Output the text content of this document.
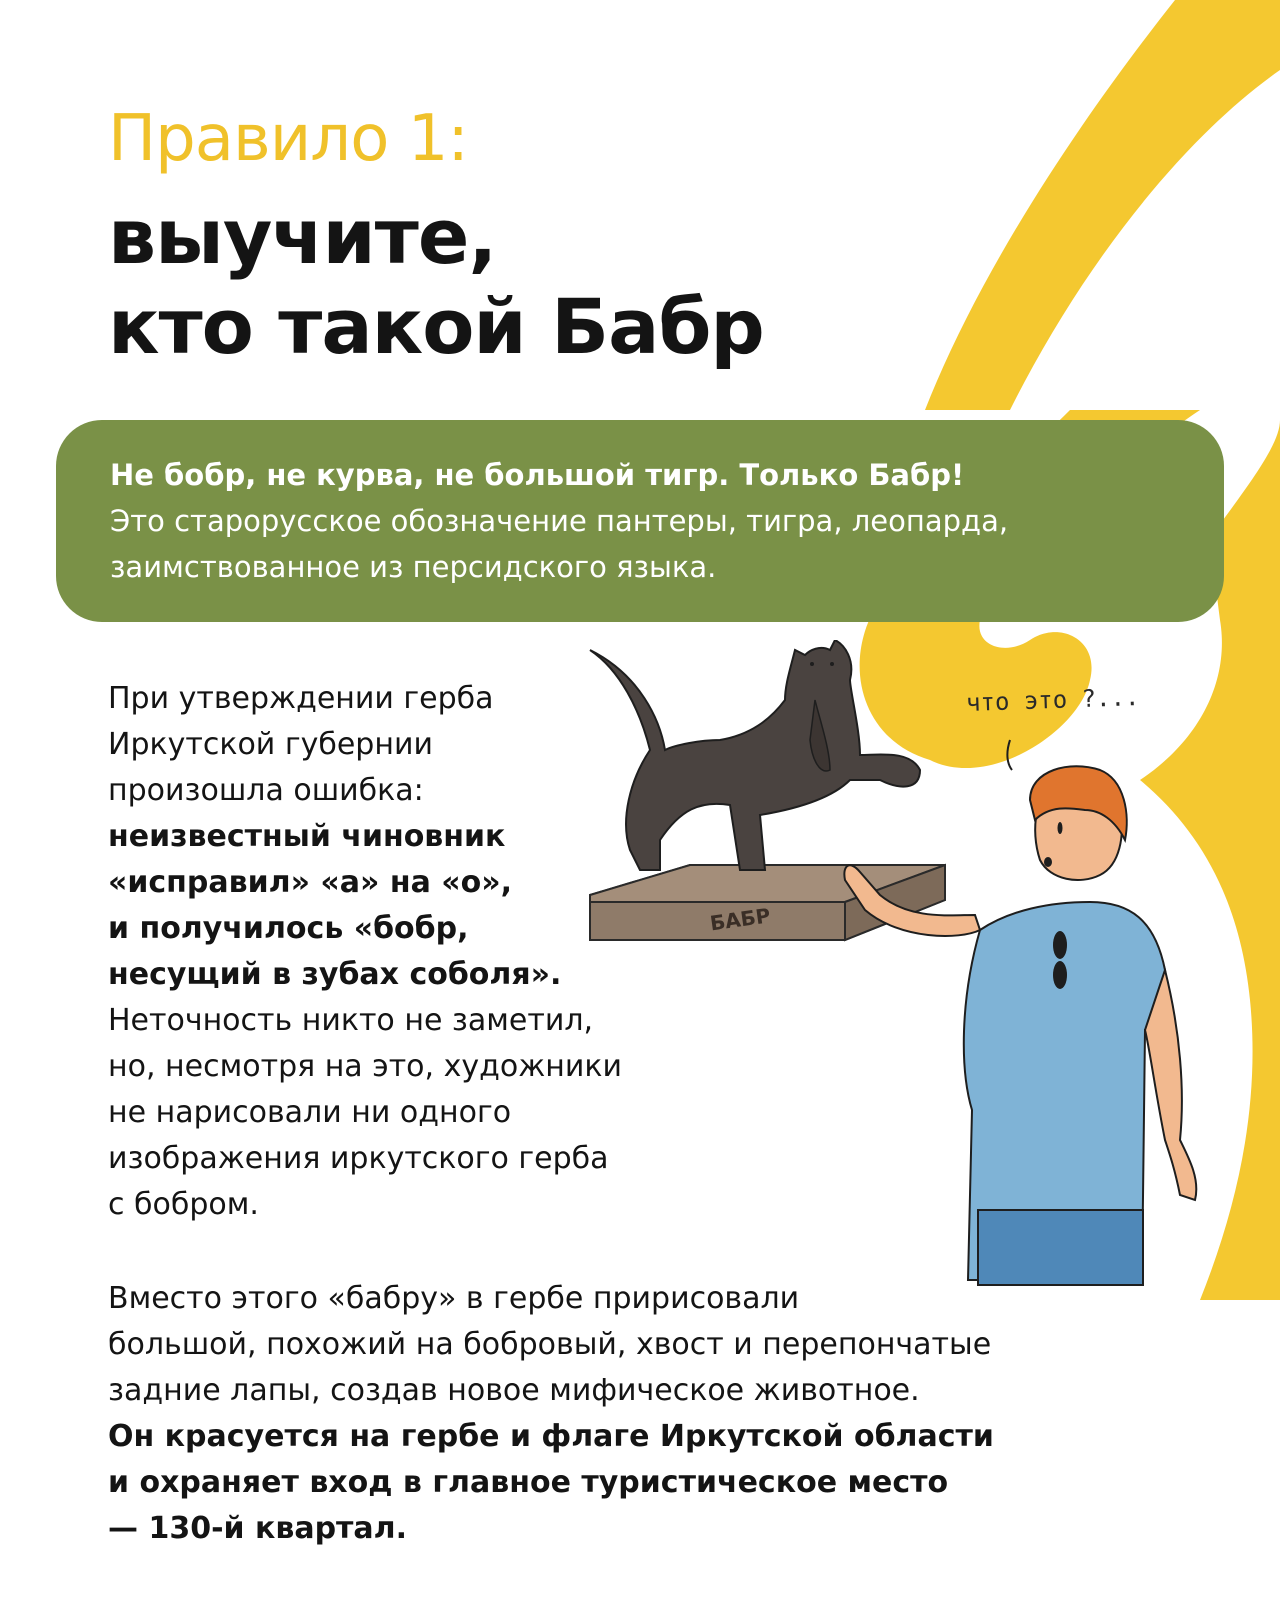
Правило 1:
выучите,
кто такой Бабр

Не бобр, не курва, не большой тигр. Только Бабр!

Это старорусское обозначение пантеры, тигра, леопарда,

заимствованное из персидского языка.

БАБР
что это ?...
При утверждении герба
Иркутской губернии
произошла ошибка:
неизвестный чиновник
«исправил» «а» на «о»,
и получилось «бобр,
несущий в зубах соболя».
Неточность никто не заметил,
но, несмотря на это, художники
не нарисовали ни одного
изображения иркутского герба
с бобром.
Вместо этого «бабру» в гербе пририсовали
большой, похожий на бобровый, хвост и перепончатые
задние лапы, создав новое мифическое животное.
Он красуется на гербе и флаге Иркутской области
и охраняет вход в главное туристическое место
— 130-й квартал.
